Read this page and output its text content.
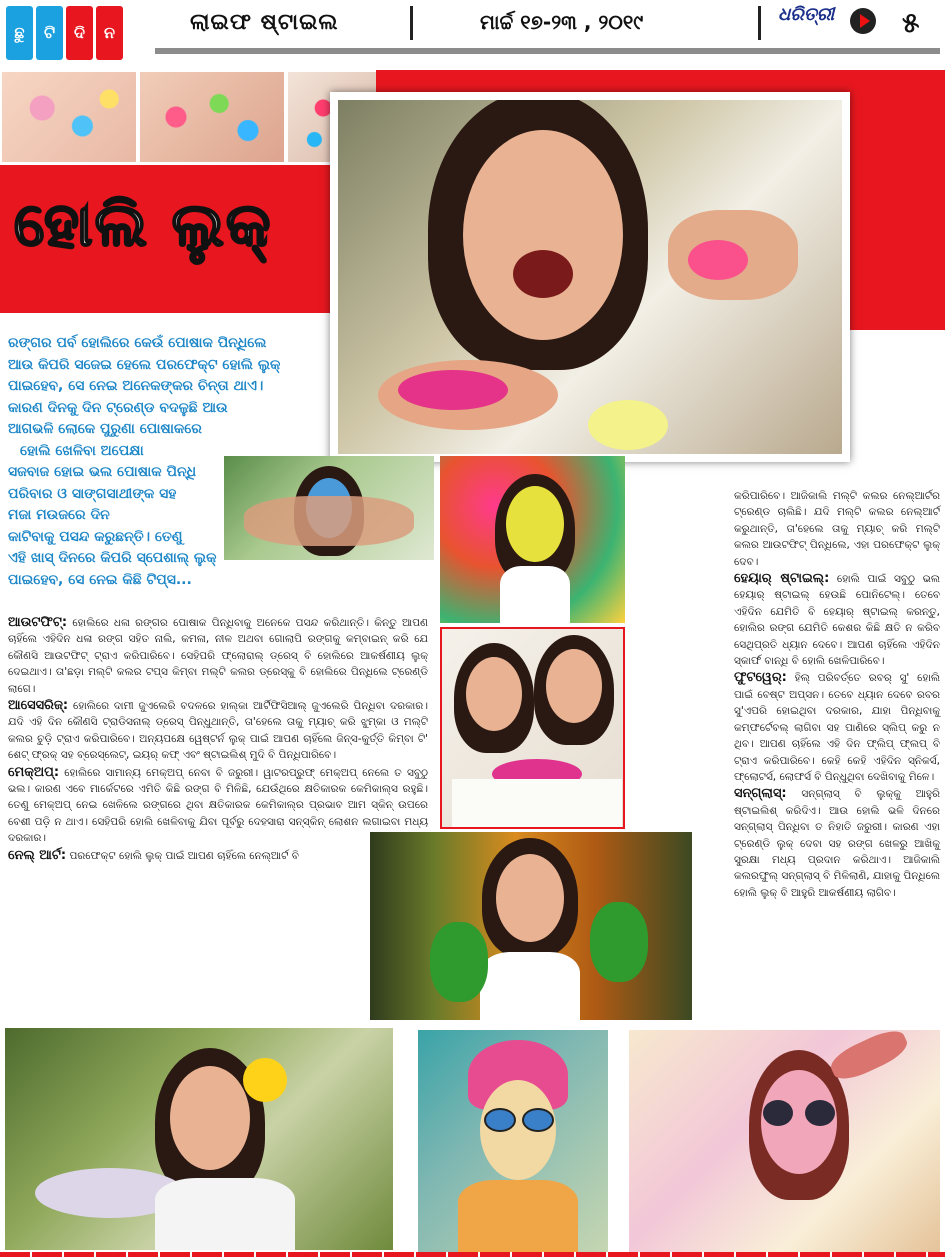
ଛୁ	ଟି	ଦି	ନ	ଲାଇଫ ଷ୍ଟାଇଲ	ମାର୍ଚ୍ଚ ୧୭-୨୩ , ୨୦୧୯	ଧରିତ୍ରୀ ୫
ହୋଲି ଲୁକ୍
ରଙ୍ଗର ପର୍ବ ହୋଲିରେ କେଉଁ ପୋଷାକ ପିନ୍ଧିଲେ
ଆଉ କିପରି ସଜେଇ ହେଲେ ପରଫେକ୍ଟ ହୋଲି ଲୁକ୍
ପାଇହେବ, ସେ ନେଇ ଅନେକଙ୍କର ଚିନ୍ତା ଥାଏ।
କାରଣ ଦିନକୁ ଦିନ ଟ୍ରେଣ୍ଡ ବଦଳୁଛି ଆଉ
ଆଗଭଳି ଲୋକେ ପୁରୁଣା ପୋଷାକରେ
ହୋଲି ଖେଳିବା ଅପେକ୍ଷା
ସଜବାଜ ହୋଇ ଭଲ ପୋଷାକ ପିନ୍ଧି
ପରିବାର ଓ ସାଙ୍ଗସାଥୀଙ୍କ ସହ
ମଜା ମଉଜରେ ଦିନ
କାଟିବାକୁ ପସନ୍ଦ କରୁଛନ୍ତି। ତେଣୁ
ଏହି ଖାସ୍ ଦିନରେ କିପରି ସ୍ପେଶାଲ୍ ଲୁକ୍
ପାଇହେବ, ସେ ନେଇ କିଛି ଟିପ୍ସ...

ଆଉଟଫିଟ୍: ହୋଲିରେ ଧଳା ରଙ୍ଗର ପୋଷାକ ପିନ୍ଧିବାକୁ ଅନେକେ ପସନ୍ଦ କରିଥାନ୍ତି। କିନ୍ତୁ ଆପଣ ଚାହିଁଲେ ଏହିଦିନ ଧଳା ରଙ୍ଗ ସହିତ ନାଲି, କମଳା, ନୀଳ ଅଥବା ଗୋଲାପି ରଙ୍ଗକୁ କମ୍ବାଇନ୍ କରି ଯେ କୌଣସି ଆଉଟଫିଟ୍ ଟ୍ରାଏ କରିପାରିବେ। ସେହିପରି ଫ୍ଲୋରାଲ୍ ଡ୍ରେସ୍ ବି ହୋଲିରେ ଆକର୍ଷଣୀୟ ଲୁକ୍ ଦେଇଥାଏ। ତା'ଛଡ଼ା ମଲ୍ଟି କଲର ଟପ୍ସ କିମ୍ବା ମଲ୍ଟି କଲର ଡ୍ରେସ୍‌କୁ ବି ହୋଲିରେ ପିନ୍ଧିଲେ ଟ୍ରେଣ୍ଡି ଲାଗେ।

ଆସେସରିଜ୍: ହୋଲିରେ ଦାମୀ ଜୁଏଲେରି ବଦଳରେ ହାଲ୍‌କା ଆର୍ଟିଫିସିଆଲ୍ ଜୁଏଲେରି ପିନ୍ଧିବା ଦରକାର। ଯଦି ଏହି ଦିନ କୌଣସି ଟ୍ରାଡିସନାଲ୍ ଡ୍ରେସ୍ ପିନ୍ଧୁଥାନ୍ତି, ତା'ହେଲେ ତାକୁ ମ୍ୟାଚ୍ କରି ଝୁମ୍‌କା ଓ ମଲ୍ଟି କଲର ଚୁଡ଼ି ଟ୍ରାଏ କରିପାରିବେ। ଅନ୍ୟପକ୍ଷେ ୱେଷ୍ଟର୍ନ ଲୁକ୍ ପାଇଁ ଆପଣ ଚାହିଁଲେ ଜିନ୍ସ-କୁର୍ତ୍ତି କିମ୍ବା ଟି' ଶେଟ୍ ଫ୍ରକ୍ ସହ ବ୍ରେସ୍‌ଲେଟ୍, ଇୟର୍ କଫ୍ ଏବଂ ଷ୍ଟାଇଲିଶ୍ ମୁଦି ବି ପିନ୍ଧିପାରିବେ।

ମେକ୍‌ଅପ୍: ହୋଲିରେ ସାମାନ୍ୟ ମେକ୍‌ଅପ୍ ନେବା ବି ଜରୁରୀ। ୱାଟରପ୍ରୁଫ୍ ମେକ୍‌ଅପ୍ ନେଲେ ତ ସବୁଠୁ ଭଲ। କାରଣ ଏବେ ମାର୍କେଟରେ ଏମିତି କିଛି ରଙ୍ଗ ବି ମିଳିଛି, ଯେଉଁଥିରେ କ୍ଷତିକାରକ କେମିକାଲ୍ସ ରହୁଛି। ତେଣୁ ମେକ୍‌ଅପ୍ ନେଇ ଖେଳିଲେ ରଙ୍ଗରେ ଥିବା କ୍ଷତିକାରକ କେମିକାଲ୍‌ର ପ୍ରଭାବ ଆମ ସ୍କିନ୍ ଉପରେ ବେଶୀ ପଡ଼ି ନ ଥାଏ। ସେହିପରି ହୋଲି ଖେଳିବାକୁ ଯିବା ପୂର୍ବରୁ ଦେହସାରା ସନ୍‌ସ୍କିନ୍ ଲୋଶନ ଲଗାଇବା ମଧ୍ୟ ଦରକାର।

ନେଲ୍ ଆର୍ଟ: ପରଫେକ୍ଟ ହୋଲି ଲୁକ୍ ପାଇଁ ଆପଣ ଚାହିଁଲେ ନେଲ୍‌ଆର୍ଟ ବି

କରିପାରିବେ। ଆଜିକାଲି ମଲ୍ଟି କଲର ନେଲ୍‌ଆର୍ଟର ଟ୍ରେଣ୍ଡ ଚାଲିଛି। ଯଦି ମଲ୍ଟି କଲର ନେଲ୍‌ଆର୍ଟ କରୁଥାନ୍ତି, ତା'ହେଲେ ତାକୁ ମ୍ୟାଚ୍ କରି ମଲ୍ଟି କଲର ଆଉଟଫିଟ୍ ପିନ୍ଧିଲେ, ଏହା ପରଫେକ୍ଟ ଲୁକ୍ ଦେବ।

ହେୟାର୍ ଷ୍ଟାଇଲ୍: ହୋଲି ପାଇଁ ସବୁଠୁ ଭଲ ହେୟାର୍ ଷ୍ଟାଇଲ୍ ହେଉଛି ପୋନିଟେଲ୍। ତେବେ ଏହିଦିନ ଯେମିତି ବି ହେୟାର୍ ଷ୍ଟାଇଲ୍ କରନ୍ତୁ, ହୋଲିର ରଙ୍ଗ ଯେମିତି କେଶର କିଛି କ୍ଷତି ନ କରିବ ସେଥିପ୍ରତି ଧ୍ୟାନ ଦେବେ। ଆପଣ ଚାହିଁଲେ ଏହିଦିନ ସ୍କାର୍ଫ ବାନ୍ଧି ବି ହୋଲି ଖେଳିପାରିବେ।

ଫୁଟୱେର୍: ହିଲ୍ ପରିବର୍ତ୍ତେ ରବର୍ ସୁ' ହୋଲି ପାଇଁ ବେଷ୍ଟ ଅପ୍ସନ। ତେବେ ଧ୍ୟାନ ଦେବେ ରବର ସୁ'ଏପରି ହୋଇଥିବା ଦରକାର, ଯାହା ପିନ୍ଧିବାକୁ କମ୍ଫର୍ଟେବଲ୍ ଲାଗିବା ସହ ପାଣିରେ ସ୍ଲିପ୍ କରୁ ନ ଥିବ। ଆପଣ ଚାହିଁଲେ ଏହି ଦିନ ଫ୍ଲିପ୍ ଫ୍ଲପ୍ ବି ଟ୍ରାଏ କରିପାରିବେ। କେହି କେହି ଏହିଦିନ ସ୍ନିକର୍ସ, ଫ୍ଲୋଟର୍ସ, ଲୋଫର୍ସ ବି ପିନ୍ଧୁଥିବା ଦେଖିବାକୁ ମିଳେ।

ସନ୍‌ଗ୍ଲାସ୍: ସନ୍‌ଗ୍ଲାସ୍ ବି ଲୁକ୍‌କୁ ଆହୁରି ଷ୍ଟାଇଲିଶ୍ କରିଦିଏ। ଆଉ ହୋଲି ଭଳି ଦିନରେ ସନ୍‌ଗ୍ଲାସ୍ ପିନ୍ଧିବା ତ ନିହାତି ଜରୁରୀ। କାରଣ ଏହା ଟ୍ରେଣ୍ଡି ଲୁକ୍ ଦେବା ସହ ରଙ୍ଗ ଖେଳରୁ ଆଖିକୁ ସୁରକ୍ଷା ମଧ୍ୟ ପ୍ରଦାନ କରିଥାଏ। ଆଜିକାଲି କଲରଫୁଲ୍ ସନ୍‌ଗ୍ଲାସ୍ ବି ମିଳିଲାଣି, ଯାହାକୁ ପିନ୍ଧିଲେ ହୋଲି ଲୁକ୍ ବି ଆହୁରି ଆକର୍ଷଣୀୟ ଲାଗିବ।
